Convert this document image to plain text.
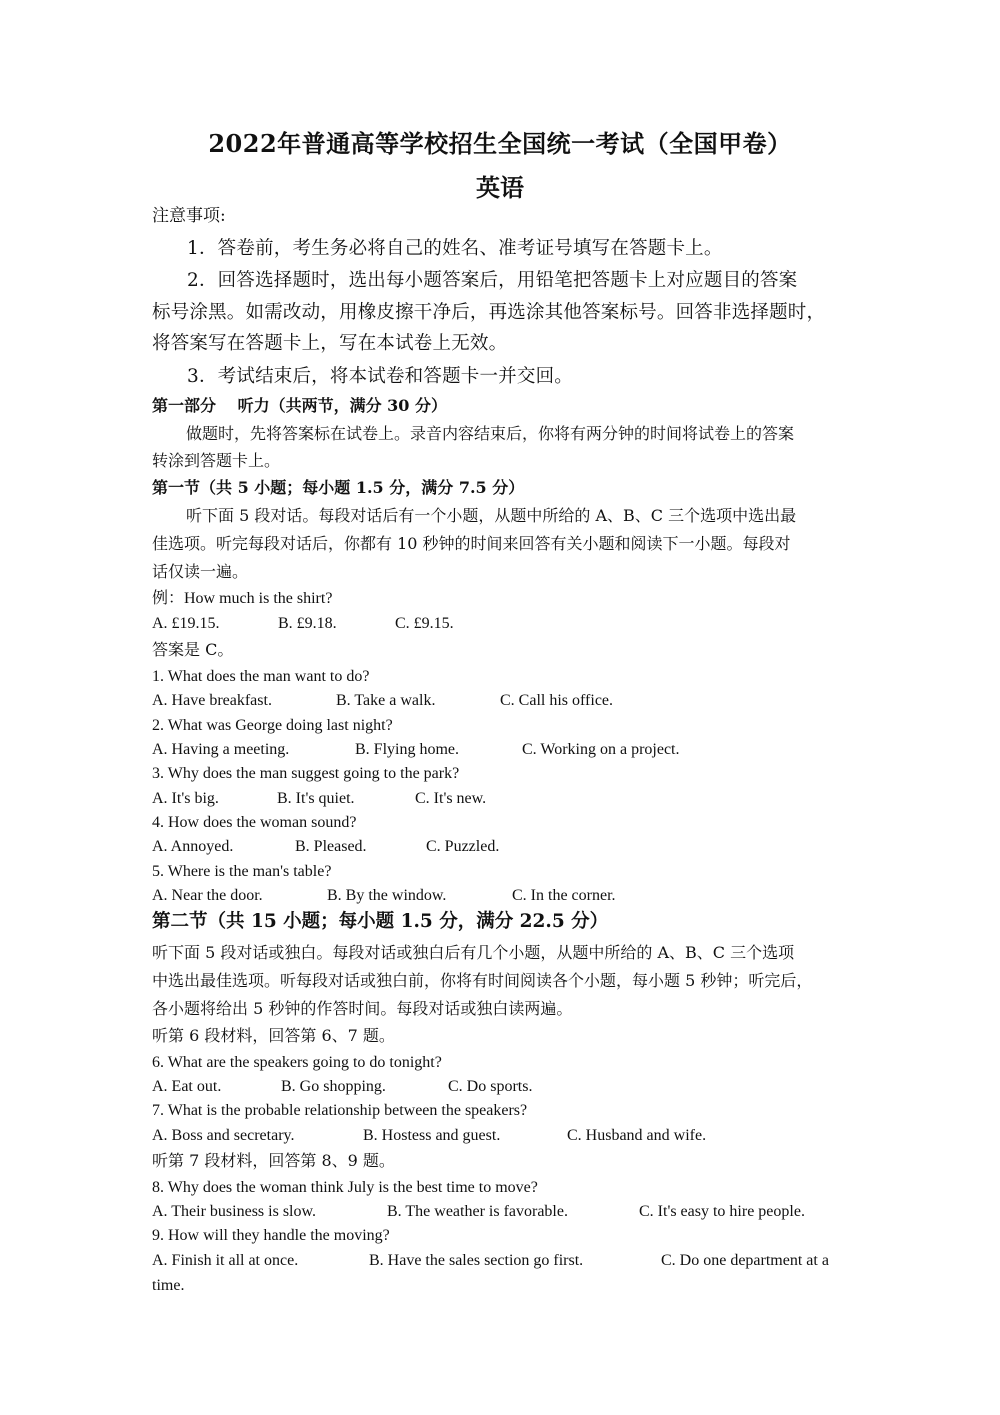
2022年普通高等学校招生全国统一考试（全国甲卷）
英语
注意事项:
1．答卷前，考生务必将自己的姓名、准考证号填写在答题卡上。
2．回答选择题时，选出每小题答案后，用铅笔把答题卡上对应题目的答案
标号涂黑。如需改动，用橡皮擦干净后，再选涂其他答案标号。回答非选择题时，
将答案写在答题卡上，写在本试卷上无效。
3．考试结束后，将本试卷和答题卡一并交回。
第一部分　 听力（共两节，满分 30 分）
做题时，先将答案标在试卷上。录音内容结束后，你将有两分钟的时间将试卷上的答案
转涂到答题卡上。
第一节（共 5 小题；每小题 1.5 分，满分 7.5 分）
听下面 5 段对话。每段对话后有一个小题，从题中所给的 A、B、C 三个选项中选出最
佳选项。听完每段对话后，你都有 10 秒钟的时间来回答有关小题和阅读下一小题。每段对
话仅读一遍。
例：How much is the shirt?
A. £19.15.	B. £9.18.	C. £9.15.
答案是 C。
1. What does the man want to do?
A. Have breakfast.	B. Take a walk.	C. Call his office.
2. What was George doing last night?
A. Having a meeting.	B. Flying home.	C. Working on a project.
3. Why does the man suggest going to the park?
A. It's big.	B. It's quiet.	C. It's new.
4. How does the woman sound?
A. Annoyed.	B. Pleased.	C. Puzzled.
5. Where is the man's table?
A. Near the door.	B. By the window.	C. In the corner.
第二节（共 15 小题；每小题 1.5 分，满分 22.5 分）
听下面 5 段对话或独白。每段对话或独白后有几个小题，从题中所给的 A、B、C 三个选项
中选出最佳选项。听每段对话或独白前，你将有时间阅读各个小题，每小题 5 秒钟；听完后，
各小题将给出 5 秒钟的作答时间。每段对话或独白读两遍。
听第 6 段材料，回答第 6、7 题。
6. What are the speakers going to do tonight?
A. Eat out.	B. Go shopping.	C. Do sports.
7. What is the probable relationship between the speakers?
A. Boss and secretary.	B. Hostess and guest.	C. Husband and wife.
听第 7 段材料，回答第 8、9 题。
8. Why does the woman think July is the best time to move?
A. Their business is slow.	B. The weather is favorable.	C. It's easy to hire people.
9. How will they handle the moving?
A. Finish it all at once.	B. Have the sales section go first.	C. Do one department at a
time.
